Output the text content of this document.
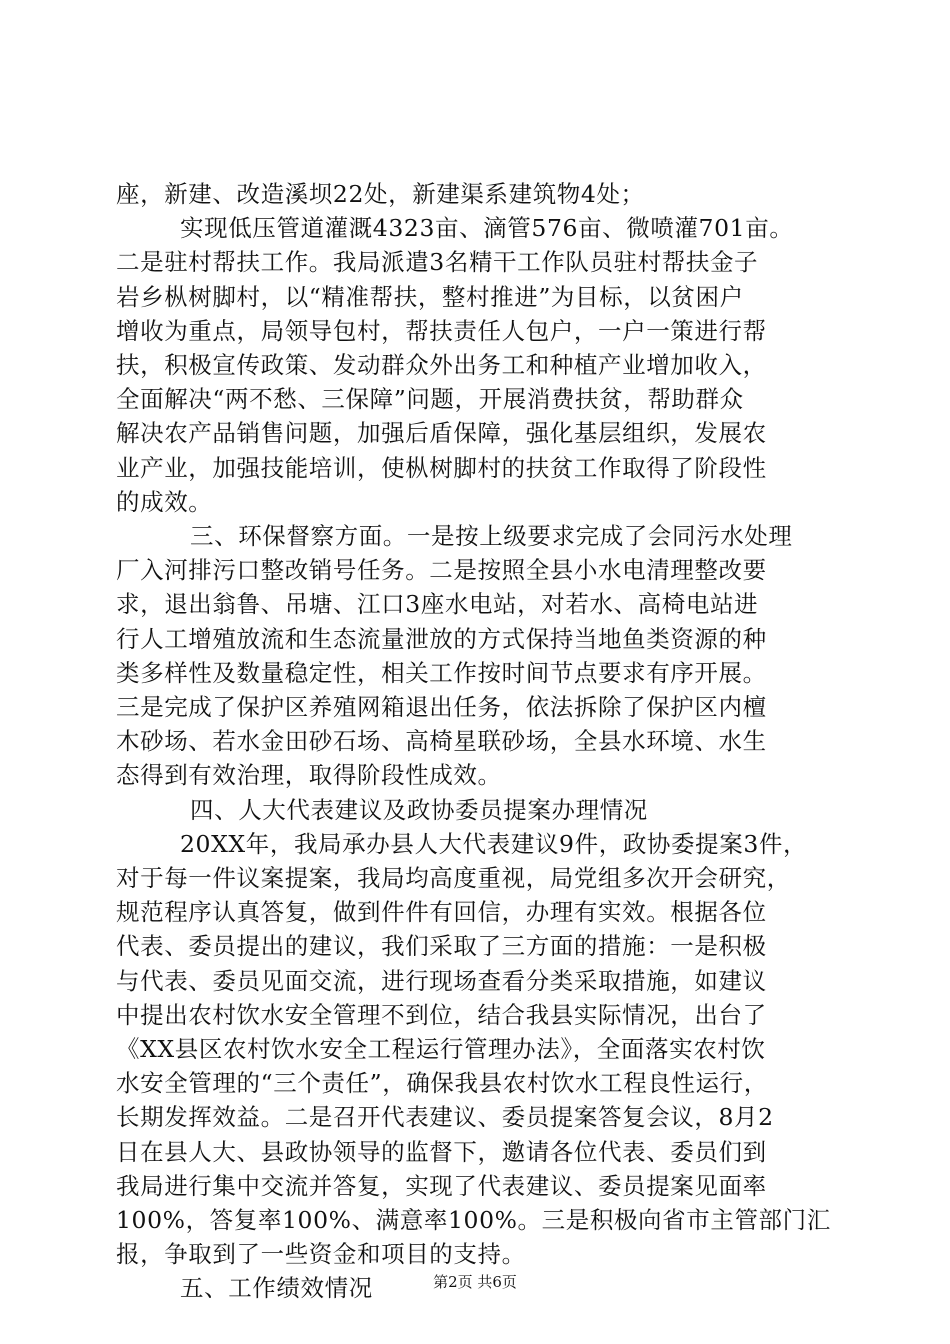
座，新建、改造溪坝22处，新建渠系建筑物4处；
实现低压管道灌溉4323亩、滴管576亩、微喷灌701亩。
二是驻村帮扶工作。我局派遣3名精干工作队员驻村帮扶金子
岩乡枞树脚村，以“精准帮扶，整村推进”为目标，以贫困户
增收为重点，局领导包村，帮扶责任人包户，一户一策进行帮
扶，积极宣传政策、发动群众外出务工和种植产业增加收入，
全面解决“两不愁、三保障”问题，开展消费扶贫，帮助群众
解决农产品销售问题，加强后盾保障，强化基层组织，发展农
业产业，加强技能培训，使枞树脚村的扶贫工作取得了阶段性
的成效。
三、环保督察方面。一是按上级要求完成了会同污水处理
厂入河排污口整改销号任务。二是按照全县小水电清理整改要
求，退出翁鲁、吊塘、江口3座水电站，对若水、高椅电站进
行人工增殖放流和生态流量泄放的方式保持当地鱼类资源的种
类多样性及数量稳定性，相关工作按时间节点要求有序开展。
三是完成了保护区养殖网箱退出任务，依法拆除了保护区内檀
木砂场、若水金田砂石场、高椅星联砂场，全县水环境、水生
态得到有效治理，取得阶段性成效。
四、人大代表建议及政协委员提案办理情况
20XX年，我局承办县人大代表建议9件，政协委提案3件，
对于每一件议案提案，我局均高度重视，局党组多次开会研究，
规范程序认真答复，做到件件有回信，办理有实效。根据各位
代表、委员提出的建议，我们采取了三方面的措施：一是积极
与代表、委员见面交流，进行现场查看分类采取措施，如建议
中提出农村饮水安全管理不到位，结合我县实际情况，出台了
《XX县区农村饮水安全工程运行管理办法》，全面落实农村饮
水安全管理的“三个责任”，确保我县农村饮水工程良性运行，
长期发挥效益。二是召开代表建议、委员提案答复会议，8月2
日在县人大、县政协领导的监督下，邀请各位代表、委员们到
我局进行集中交流并答复，实现了代表建议、委员提案见面率
100%，答复率100%、满意率100%。三是积极向省市主管部门汇
报，争取到了一些资金和项目的支持。
五、工作绩效情况	第2页 共6页
